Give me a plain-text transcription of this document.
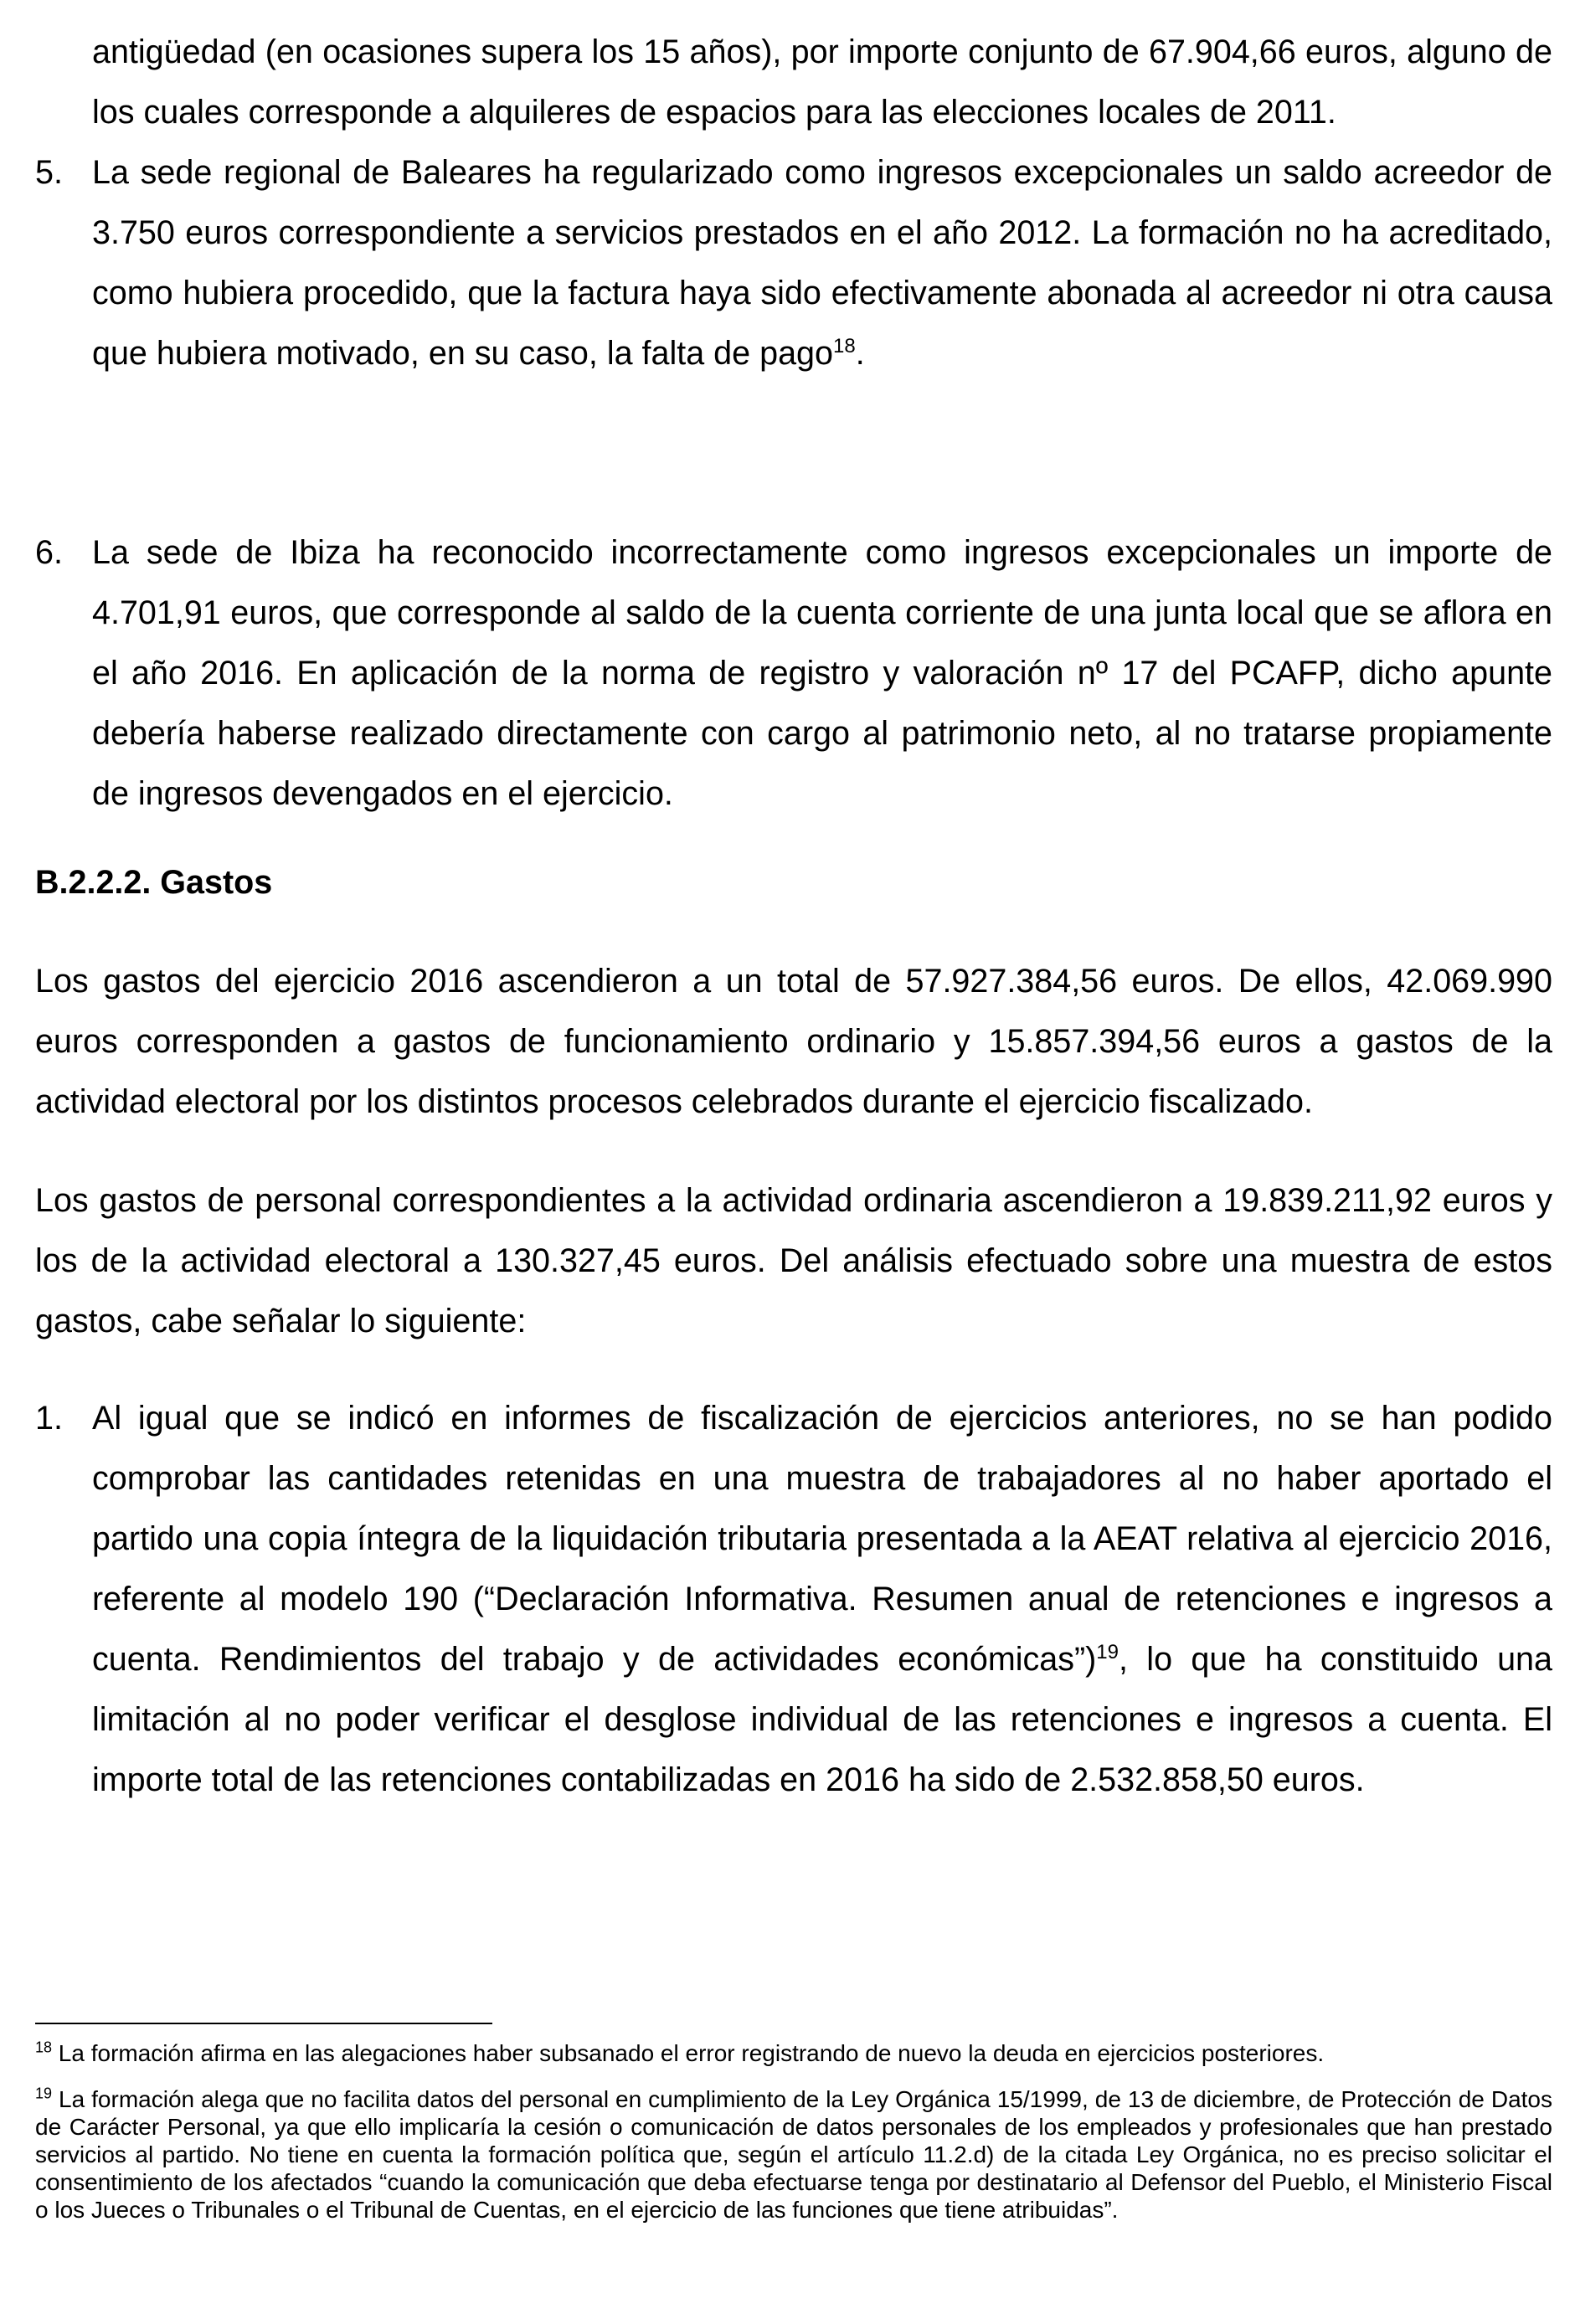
antigüedad (en ocasiones supera los 15 años), por importe conjunto de 67.904,66 euros, alguno de los cuales corresponde a alquileres de espacios para las elecciones locales de 2011.

5. La sede regional de Baleares ha regularizado como ingresos excepcionales un saldo acreedor de 3.750 euros correspondiente a servicios prestados en el año 2012. La formación no ha acreditado, como hubiera procedido, que la factura haya sido efectivamente abonada al acreedor ni otra causa que hubiera motivado, en su caso, la falta de pago$^{18}$.

6. La sede de Ibiza ha reconocido incorrectamente como ingresos excepcionales un importe de 4.701,91 euros, que corresponde al saldo de la cuenta corriente de una junta local que se aflora en el año 2016. En aplicación de la norma de registro y valoración nº 17 del PCAFP, dicho apunte debería haberse realizado directamente con cargo al patrimonio neto, al no tratarse propiamente de ingresos devengados en el ejercicio.

B.2.2.2. Gastos

Los gastos del ejercicio 2016 ascendieron a un total de 57.927.384,56 euros. De ellos, 42.069.990 euros corresponden a gastos de funcionamiento ordinario y 15.857.394,56 euros a gastos de la actividad electoral por los distintos procesos celebrados durante el ejercicio fiscalizado.

Los gastos de personal correspondientes a la actividad ordinaria ascendieron a 19.839.211,92 euros y los de la actividad electoral a 130.327,45 euros. Del análisis efectuado sobre una muestra de estos gastos, cabe señalar lo siguiente:

1. Al igual que se indicó en informes de fiscalización de ejercicios anteriores, no se han podido comprobar las cantidades retenidas en una muestra de trabajadores al no haber aportado el partido una copia íntegra de la liquidación tributaria presentada a la AEAT relativa al ejercicio 2016, referente al modelo 190 (“Declaración Informativa. Resumen anual de retenciones e ingresos a cuenta. Rendimientos del trabajo y de actividades económicas”)$^{19}$, lo que ha constituido una limitación al no poder verificar el desglose individual de las retenciones e ingresos a cuenta. El importe total de las retenciones contabilizadas en 2016 ha sido de 2.532.858,50 euros.

$^{18}$ La formación afirma en las alegaciones haber subsanado el error registrando de nuevo la deuda en ejercicios posteriores.

$^{19}$ La formación alega que no facilita datos del personal en cumplimiento de la Ley Orgánica 15/1999, de 13 de diciembre, de Protección de Datos de Carácter Personal, ya que ello implicaría la cesión o comunicación de datos personales de los empleados y profesionales que han prestado servicios al partido. No tiene en cuenta la formación política que, según el artículo 11.2.d) de la citada Ley Orgánica, no es preciso solicitar el consentimiento de los afectados “cuando la comunicación que deba efectuarse tenga por destinatario al Defensor del Pueblo, el Ministerio Fiscal o los Jueces o Tribunales o el Tribunal de Cuentas, en el ejercicio de las funciones que tiene atribuidas”.
